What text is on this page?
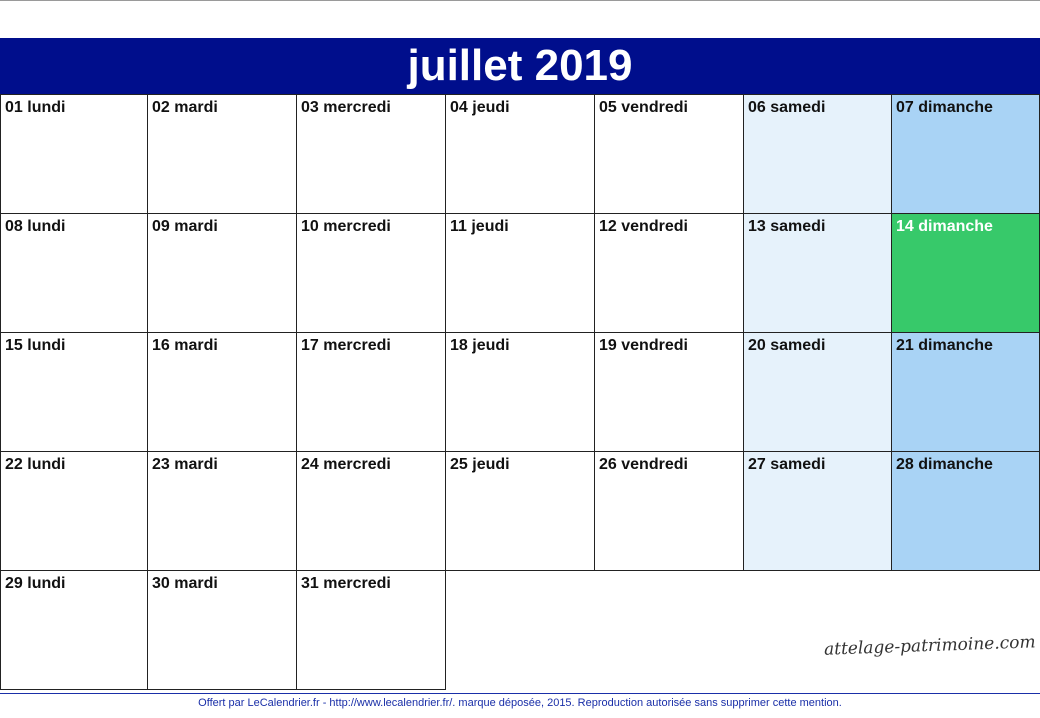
juillet 2019
01 lundi	02 mardi	03 mercredi	04 jeudi	05 vendredi	06 samedi	07 dimanche
08 lundi	09 mardi	10 mercredi	11 jeudi	12 vendredi	13 samedi	14 dimanche
15 lundi	16 mardi	17 mercredi	18 jeudi	19 vendredi	20 samedi	21 dimanche
22 lundi	23 mardi	24 mercredi	25 jeudi	26 vendredi	27 samedi	28 dimanche
29 lundi	30 mardi	31 mercredi
attelage-patrimoine.com
Offert par LeCalendrier.fr - http://www.lecalendrier.fr/. marque déposée, 2015. Reproduction autorisée sans supprimer cette mention.
